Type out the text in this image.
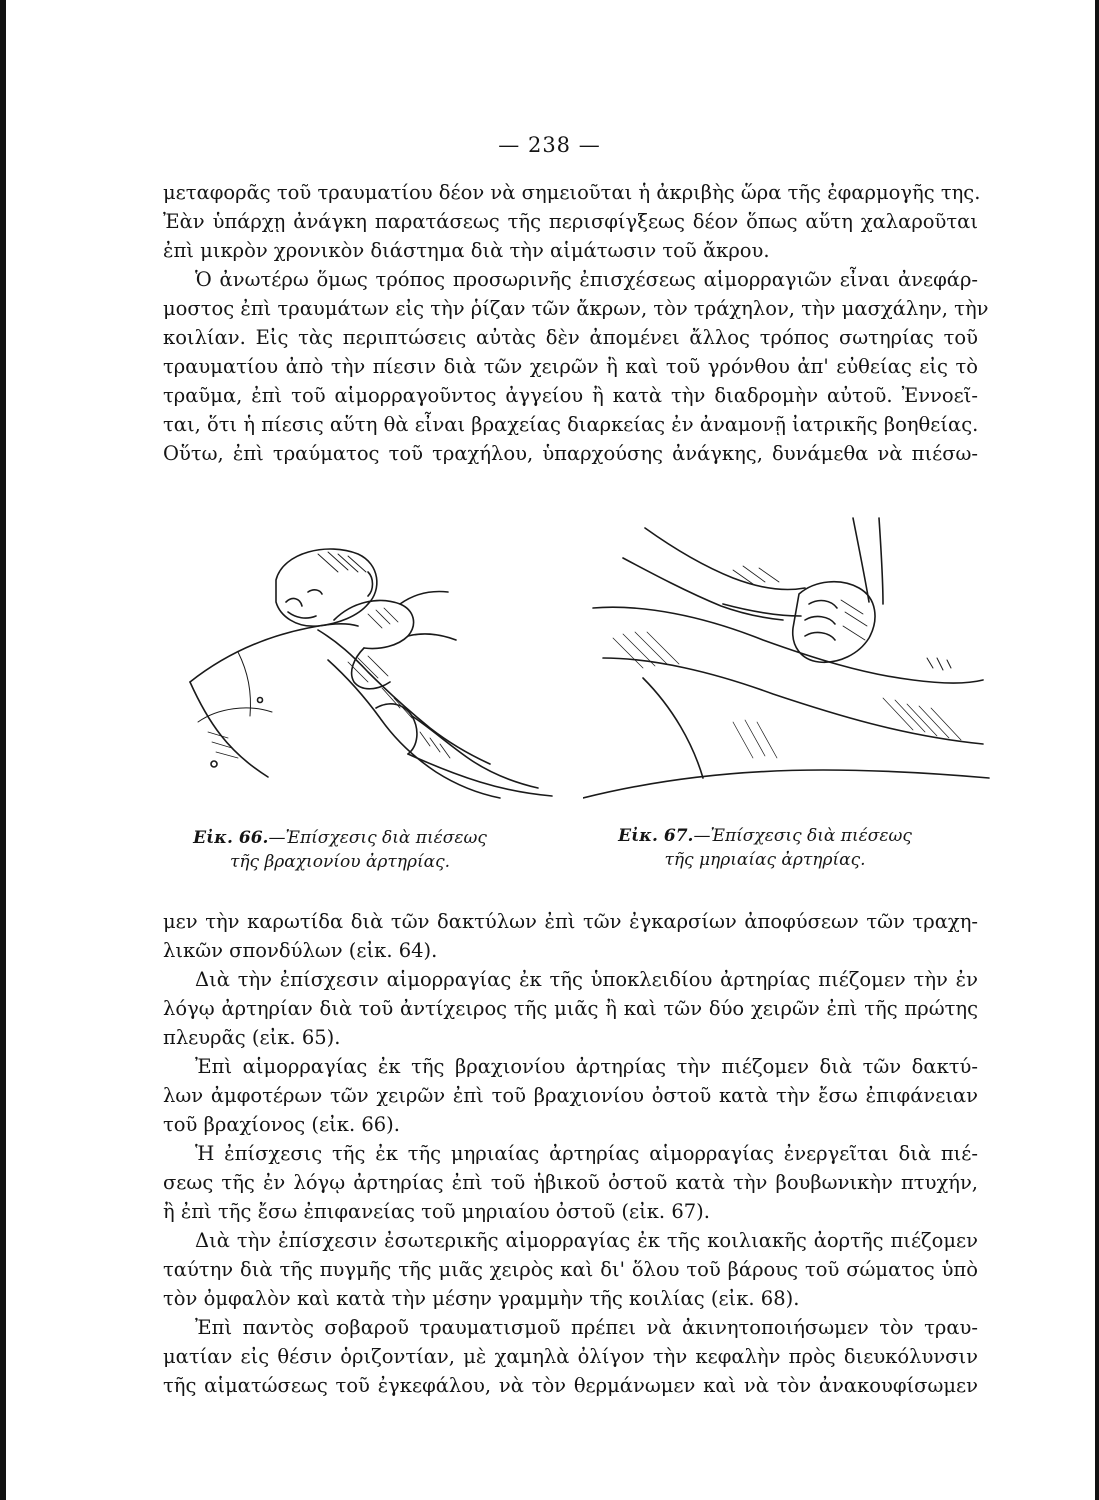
— 238 —
μεταφορᾶς τοῦ τραυματίου δέον νὰ σημειοῦται ἡ ἀκριβὴς ὥρα τῆς ἐφαρμογῆς της.
Ἐὰν ὑπάρχῃ ἀνάγκη παρατάσεως τῆς περισφίγξεως δέον ὅπως αὕτη χαλαροῦται
ἐπὶ μικρὸν χρονικὸν διάστημα διὰ τὴν αἱμάτωσιν τοῦ ἄκρου.
Ὁ ἀνωτέρω ὅμως τρόπος προσωρινῆς ἐπισχέσεως αἱμορραγιῶν εἶναι ἀνεφάρ-
μοστος ἐπὶ τραυμάτων εἰς τὴν ῥίζαν τῶν ἄκρων, τὸν τράχηλον, τὴν μασχάλην, τὴν
κοιλίαν. Εἰς τὰς περιπτώσεις αὐτὰς δὲν ἀπομένει ἄλλος τρόπος σωτηρίας τοῦ
τραυματίου ἀπὸ τὴν πίεσιν διὰ τῶν χειρῶν ἢ καὶ τοῦ γρόνθου ἀπ' εὐθείας εἰς τὸ
τραῦμα, ἐπὶ τοῦ αἱμορραγοῦντος ἀγγείου ἢ κατὰ τὴν διαδρομὴν αὐτοῦ. Ἐννοεῖ-
ται, ὅτι ἡ πίεσις αὕτη θὰ εἶναι βραχείας διαρκείας ἐν ἀναμονῇ ἰατρικῆς βοηθείας.
Οὕτω, ἐπὶ τραύματος τοῦ τραχήλου, ὑπαρχούσης ἀνάγκης, δυνάμεθα νὰ πιέσω-
Εἰκ. 66.—Ἐπίσχεσις διὰ πιέσεως
τῆς βραχιονίου ἀρτηρίας.
Εἰκ. 67.—Ἐπίσχεσις διὰ πιέσεως
τῆς μηριαίας ἀρτηρίας.
μεν τὴν καρωτίδα διὰ τῶν δακτύλων ἐπὶ τῶν ἐγκαρσίων ἀποφύσεων τῶν τραχη-
λικῶν σπονδύλων (εἰκ. 64).
Διὰ τὴν ἐπίσχεσιν αἱμορραγίας ἐκ τῆς ὑποκλειδίου ἀρτηρίας πιέζομεν τὴν ἐν
λόγῳ ἀρτηρίαν διὰ τοῦ ἀντίχειρος τῆς μιᾶς ἢ καὶ τῶν δύο χειρῶν ἐπὶ τῆς πρώτης
πλευρᾶς (εἰκ. 65).
Ἐπὶ αἱμορραγίας ἐκ τῆς βραχιονίου ἀρτηρίας τὴν πιέζομεν διὰ τῶν δακτύ-
λων ἀμφοτέρων τῶν χειρῶν ἐπὶ τοῦ βραχιονίου ὀστοῦ κατὰ τὴν ἔσω ἐπιφάνειαν
τοῦ βραχίονος (εἰκ. 66).
Ἡ ἐπίσχεσις τῆς ἐκ τῆς μηριαίας ἀρτηρίας αἱμορραγίας ἐνεργεῖται διὰ πιέ-
σεως τῆς ἐν λόγῳ ἀρτηρίας ἐπὶ τοῦ ἡβικοῦ ὀστοῦ κατὰ τὴν βουβωνικὴν πτυχήν,
ἢ ἐπὶ τῆς ἔσω ἐπιφανείας τοῦ μηριαίου ὀστοῦ (εἰκ. 67).
Διὰ τὴν ἐπίσχεσιν ἐσωτερικῆς αἱμορραγίας ἐκ τῆς κοιλιακῆς ἀορτῆς πιέζομεν
ταύτην διὰ τῆς πυγμῆς τῆς μιᾶς χειρὸς καὶ δι' ὅλου τοῦ βάρους τοῦ σώματος ὑπὸ
τὸν ὀμφαλὸν καὶ κατὰ τὴν μέσην γραμμὴν τῆς κοιλίας (εἰκ. 68).
Ἐπὶ παντὸς σοβαροῦ τραυματισμοῦ πρέπει νὰ ἀκινητοποιήσωμεν τὸν τραυ-
ματίαν εἰς θέσιν ὁριζοντίαν, μὲ χαμηλὰ ὀλίγον τὴν κεφαλὴν πρὸς διευκόλυνσιν
τῆς αἱματώσεως τοῦ ἐγκεφάλου, νὰ τὸν θερμάνωμεν καὶ νὰ τὸν ἀνακουφίσωμεν
